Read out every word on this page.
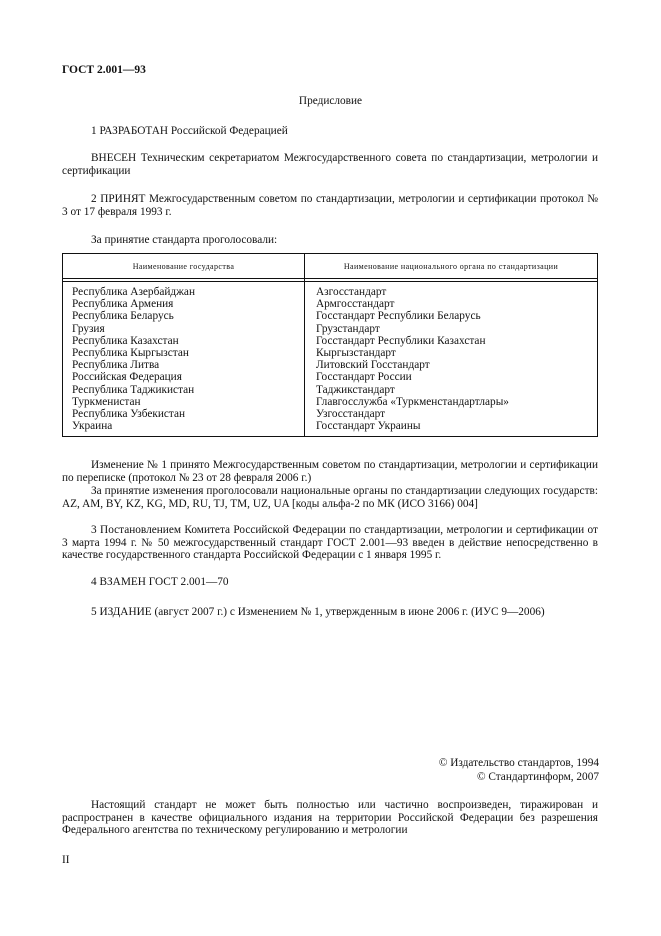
ГОСТ 2.001—93
Предисловие
1 РАЗРАБОТАН Российской Федерацией
ВНЕСЕН Техническим секретариатом Межгосударственного совета по стандартизации, метрологии и сертификации
2 ПРИНЯТ Межгосударственным советом по стандартизации, метрологии и сертификации протокол № 3 от 17 февраля 1993 г.
За принятие стандарта проголосовали:
Наименование государства	Наименование национального органа по стандартизации
Республика Азербайджан
Республика Армения
Республика Беларусь
Грузия
Республика Казахстан
Республика Кыргызстан
Республика Литва
Российская Федерация
Республика Таджикистан
Туркменистан
Республика Узбекистан
Украина
Азгосстандарт
Армгосстандарт
Госстандарт Республики Беларусь
Грузстандарт
Госстандарт Республики Казахстан
Кыргызстандарт
Литовский Госстандарт
Госстандарт России
Таджикстандарт
Главгосслужба «Туркменстандартлары»
Узгосстандарт
Госстандарт Украины
Изменение № 1 принято Межгосударственным советом по стандартизации, метрологии и сертификации по переписке (протокол № 23 от 28 февраля 2006 г.)
За принятие изменения проголосовали национальные органы по стандартизации следующих государств: AZ, AM, BY, KZ, KG, MD, RU, TJ, TM, UZ, UA [коды альфа-2 по МК (ИСО 3166) 004]
3 Постановлением Комитета Российской Федерации по стандартизации, метрологии и сертификации от 3 марта 1994 г. № 50 межгосударственный стандарт ГОСТ 2.001—93 введен в действие непосредственно в качестве государственного стандарта Российской Федерации с 1 января 1995 г.
4 ВЗАМЕН ГОСТ 2.001—70
5 ИЗДАНИЕ (август 2007 г.) с Изменением № 1, утвержденным в июне 2006 г. (ИУС 9—2006)
© Издательство стандартов, 1994
© Стандартинформ, 2007
Настоящий стандарт не может быть полностью или частично воспроизведен, тиражирован и распространен в качестве официального издания на территории Российской Федерации без разрешения Федерального агентства по техническому регулированию и метрологии
II
